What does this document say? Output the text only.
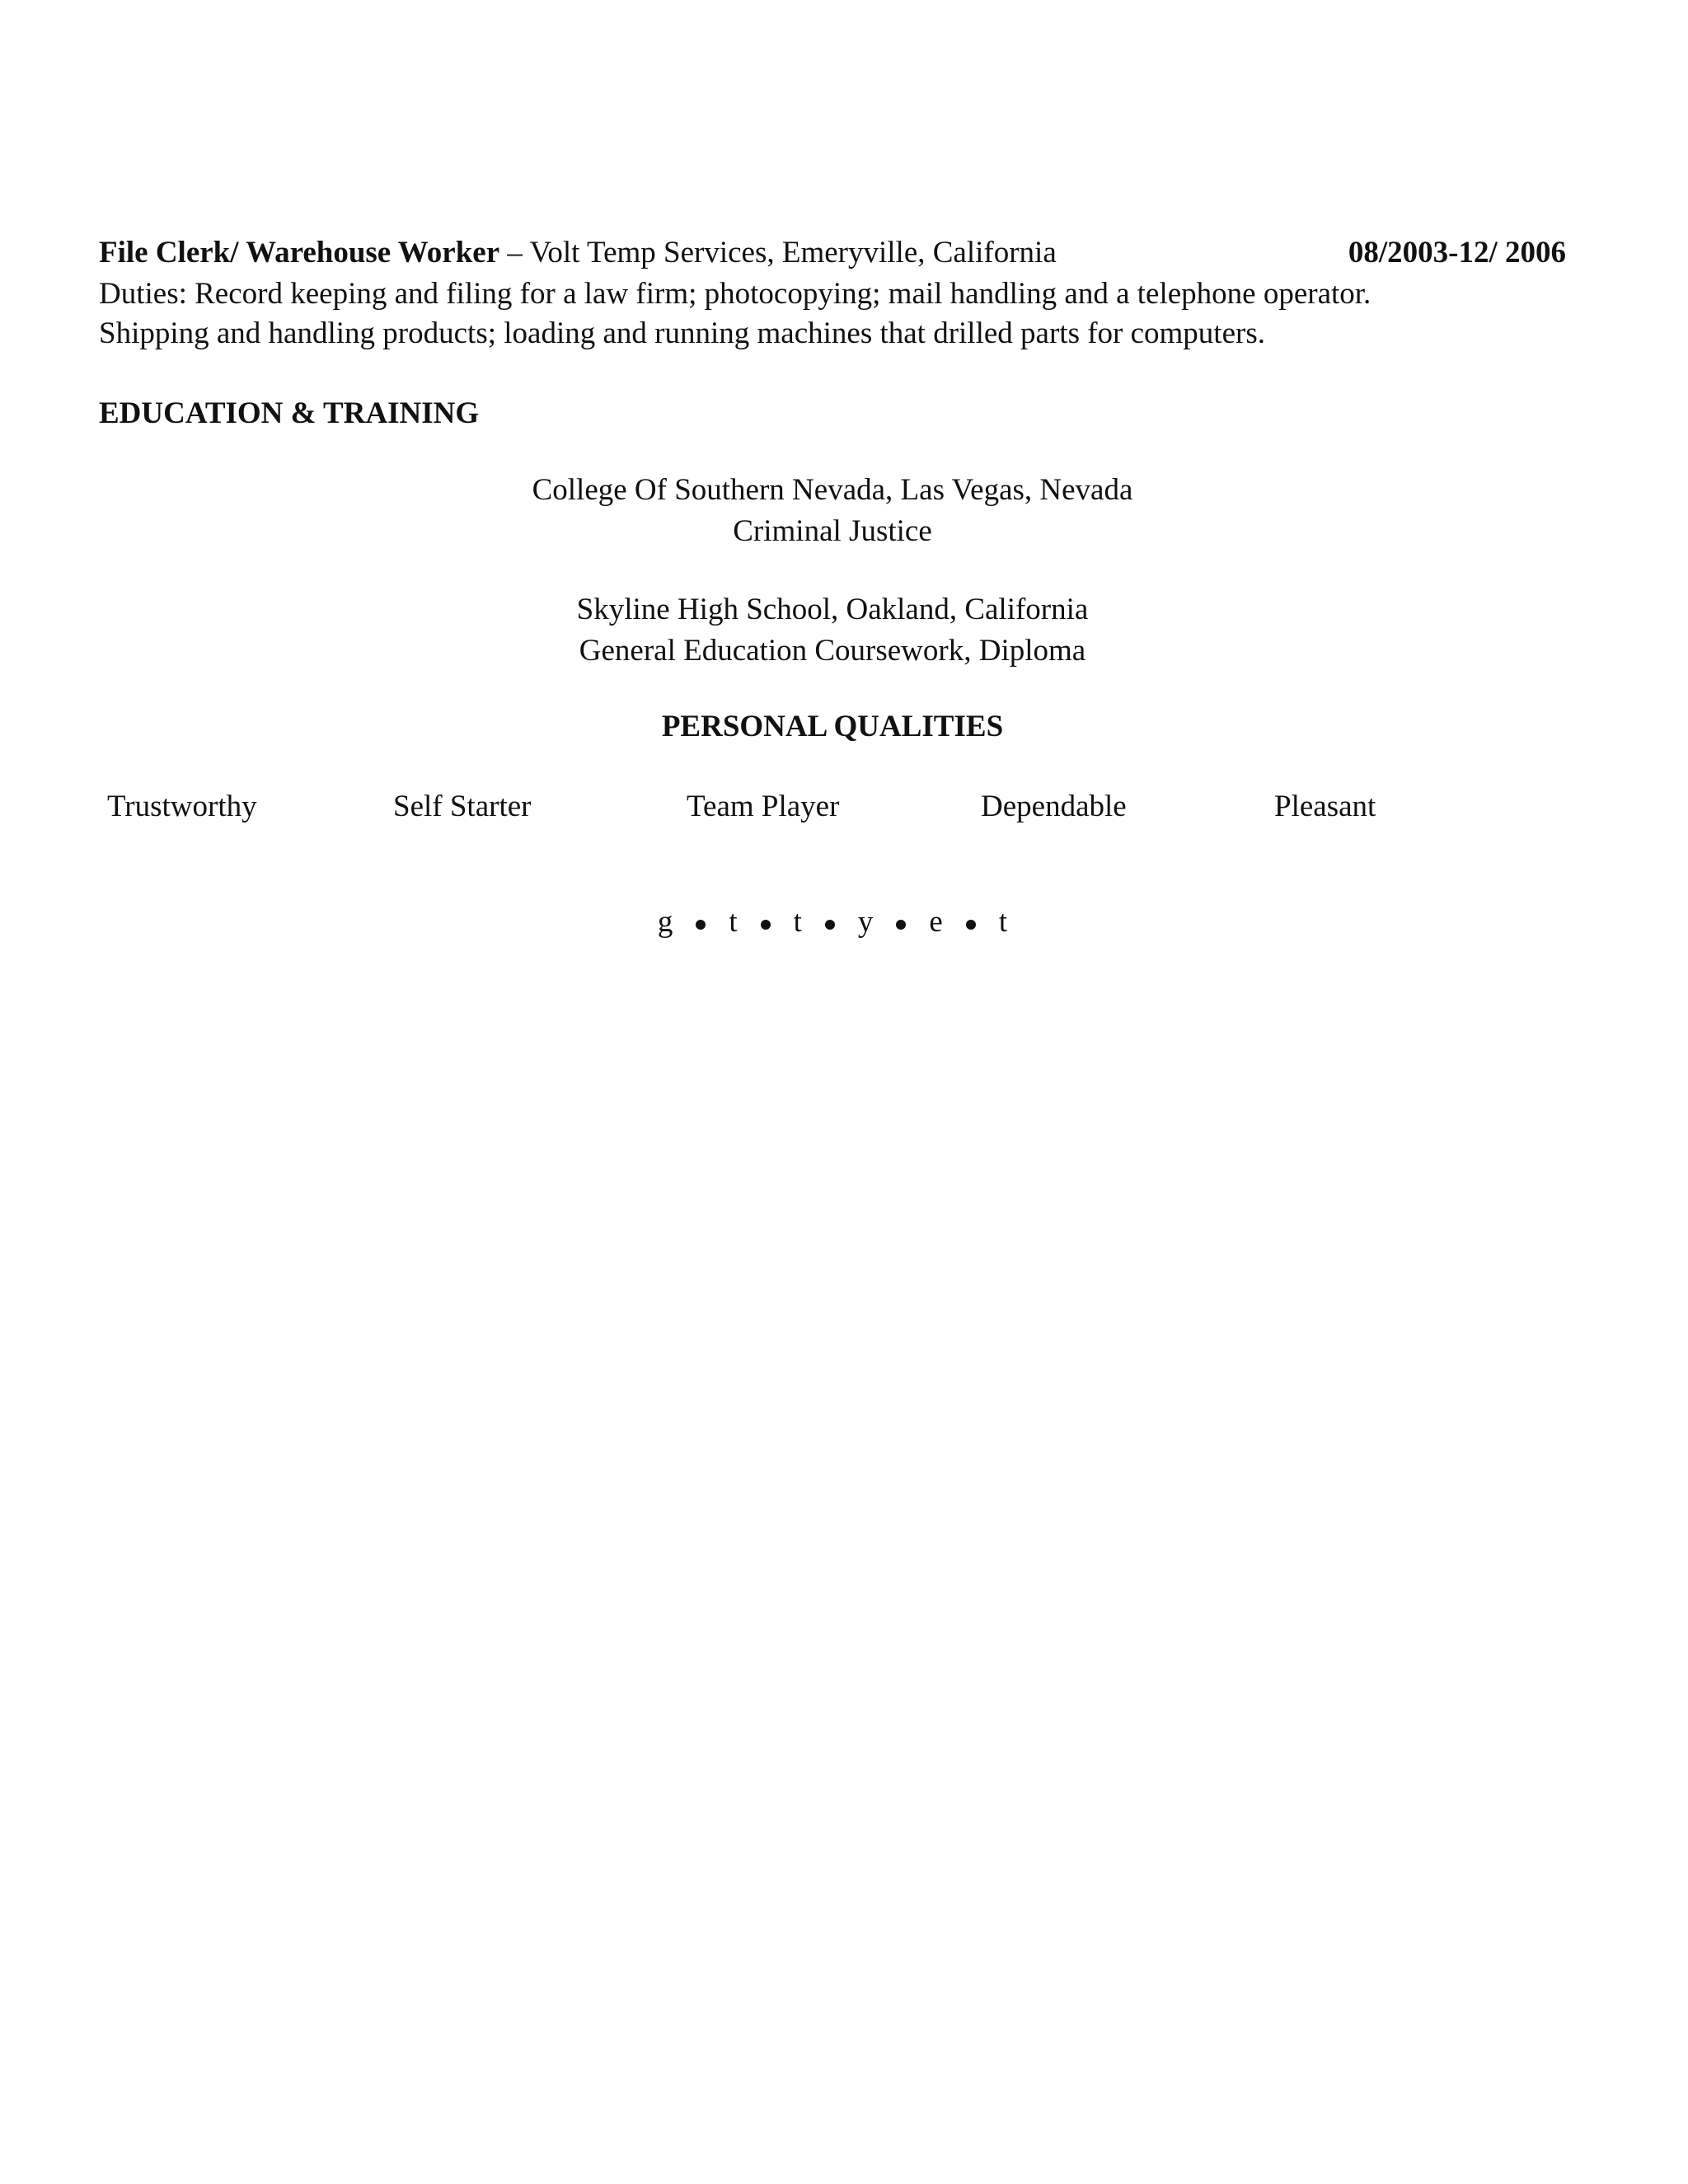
File Clerk/ Warehouse Worker – Volt Temp Services, Emeryville, California	08/2003-12/ 2006
Duties: Record keeping and filing for a law firm; photocopying; mail handling and a telephone operator.
Shipping and handling products; loading and running machines that drilled parts for computers.
EDUCATION & TRAINING
College Of Southern Nevada, Las Vegas, Nevada
Criminal Justice
Skyline High School, Oakland, California
General Education Coursework, Diploma
PERSONAL QUALITIES
Trustworthy	Self Starter	Team Player	Dependable	Pleasant
g t t y e t
